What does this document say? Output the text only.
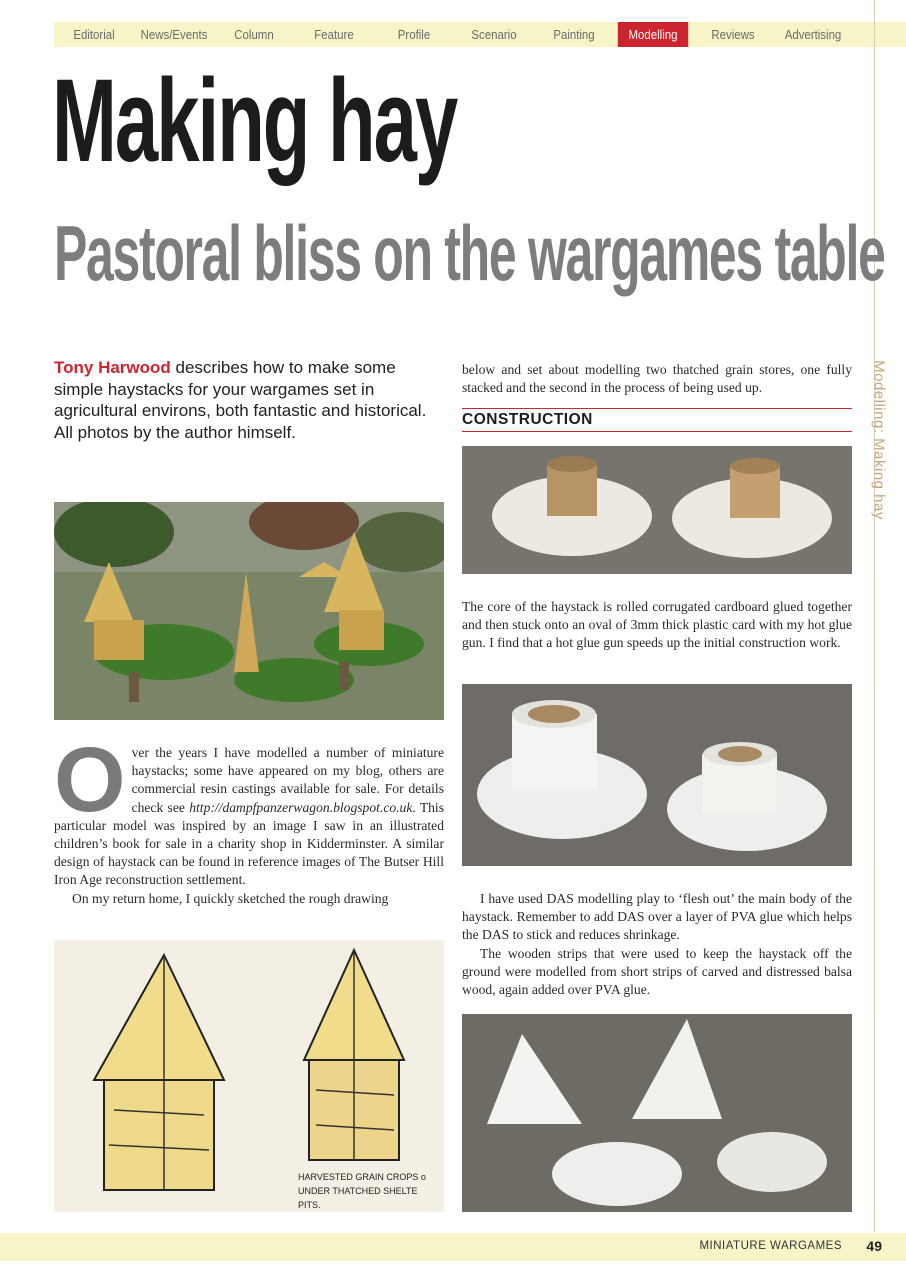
Editorial	News/Events	Column	Feature	Profile	Scenario	Painting	Modelling	Reviews	Advertising
Modelling: Making hay
Making hay
Pastoral bliss on the wargames table
Tony Harwood describes how to make some simple haystacks for your wargames set in agricultural environs, both fantastic and historical. All photos by the author himself.

Over the years I have modelled a number of miniature haystacks; some have appeared on my blog, others are commercial resin castings available for sale. For details check see http://dampfpanzerwagon.blogspot.co.uk. This particular model was inspired by an image I saw in an illustrated children’s book for sale in a charity shop in Kidderminster. A similar design of haystack can be found in reference images of The Butser Hill Iron Age reconstruction settlement.

On my return home, I quickly sketched the rough drawing

HARVESTED GRAIN CROPS o
UNDER THATCHED SHELTE
PITS.

below and set about modelling two thatched grain stores, one fully stacked and the second in the process of being used up.

CONSTRUCTION

The core of the haystack is rolled corrugated cardboard glued together and then stuck onto an oval of 3mm thick plastic card with my hot glue gun. I find that a hot glue gun speeds up the initial construction work.

I have used DAS modelling play to ‘flesh out’ the main body of the haystack. Remember to add DAS over a layer of PVA glue which helps the DAS to stick and reduces shrinkage.

The wooden strips that were used to keep the haystack off the ground were modelled from short strips of carved and distressed balsa wood, again added over PVA glue.

MINIATURE WARGAMES 49
